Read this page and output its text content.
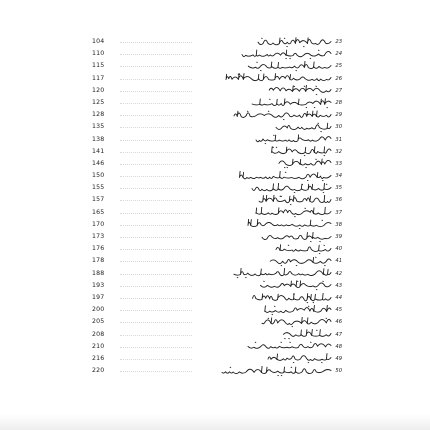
104	23
110	24
115	25
117	26
120	27
125	28
128	29
135	30
138	31
141	32
146	33
150	34
155	35
157	36
165	37
170	38
173	39
176	40
178	41
188	42
193	43
197	44
200	45
205	46
208	47
210	48
216	49
220	50
